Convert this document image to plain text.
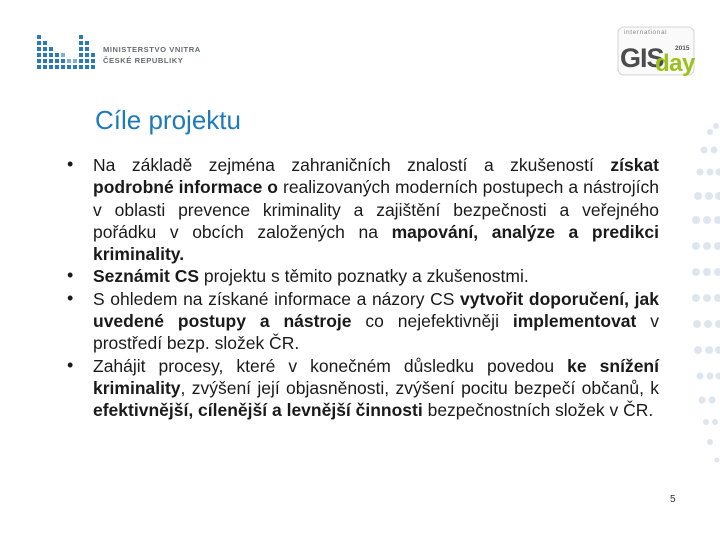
MINISTERSTVO VNITRA
ČESKÉ REPUBLIKY
international
GIS 2015
day
Cíle projektu

• Na základě zejména zahraničních znalostí a zkušeností získat podrobné informace o realizovaných moderních postupech a nástrojích v oblasti prevence kriminality a zajištění bezpečnosti a veřejného pořádku v obcích založených na mapování, analýze a predikci kriminality.

• Seznámit CS projektu s těmito poznatky a zkušenostmi.

• S ohledem na získané informace a názory CS vytvořit doporučení, jak uvedené postupy a nástroje co nejefektivněji implementovat v prostředí bezp. složek ČR.

• Zahájit procesy, které v konečném důsledku povedou ke snížení kriminality, zvýšení její objasněnosti, zvýšení pocitu bezpečí občanů, k efektivnější, cílenější a levnější činnosti bezpečnostních složek v ČR.

5
